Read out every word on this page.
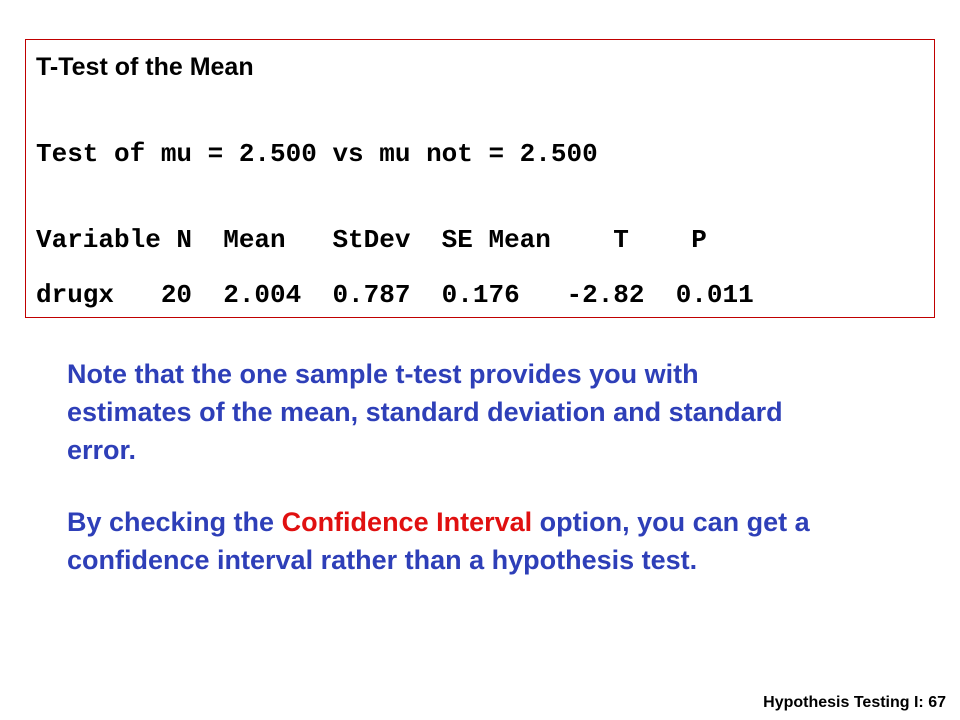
T-Test of the Mean
Test of mu = 2.500 vs mu not = 2.500
Variable N  Mean   StDev  SE Mean    T    P
drugx   20  2.004  0.787  0.176   -2.82  0.011
Note that the one sample t-test provides you with estimates of the mean, standard deviation and standard error.
By checking the Confidence Interval option, you can get a confidence interval rather than a hypothesis test.
Hypothesis Testing I: 67
